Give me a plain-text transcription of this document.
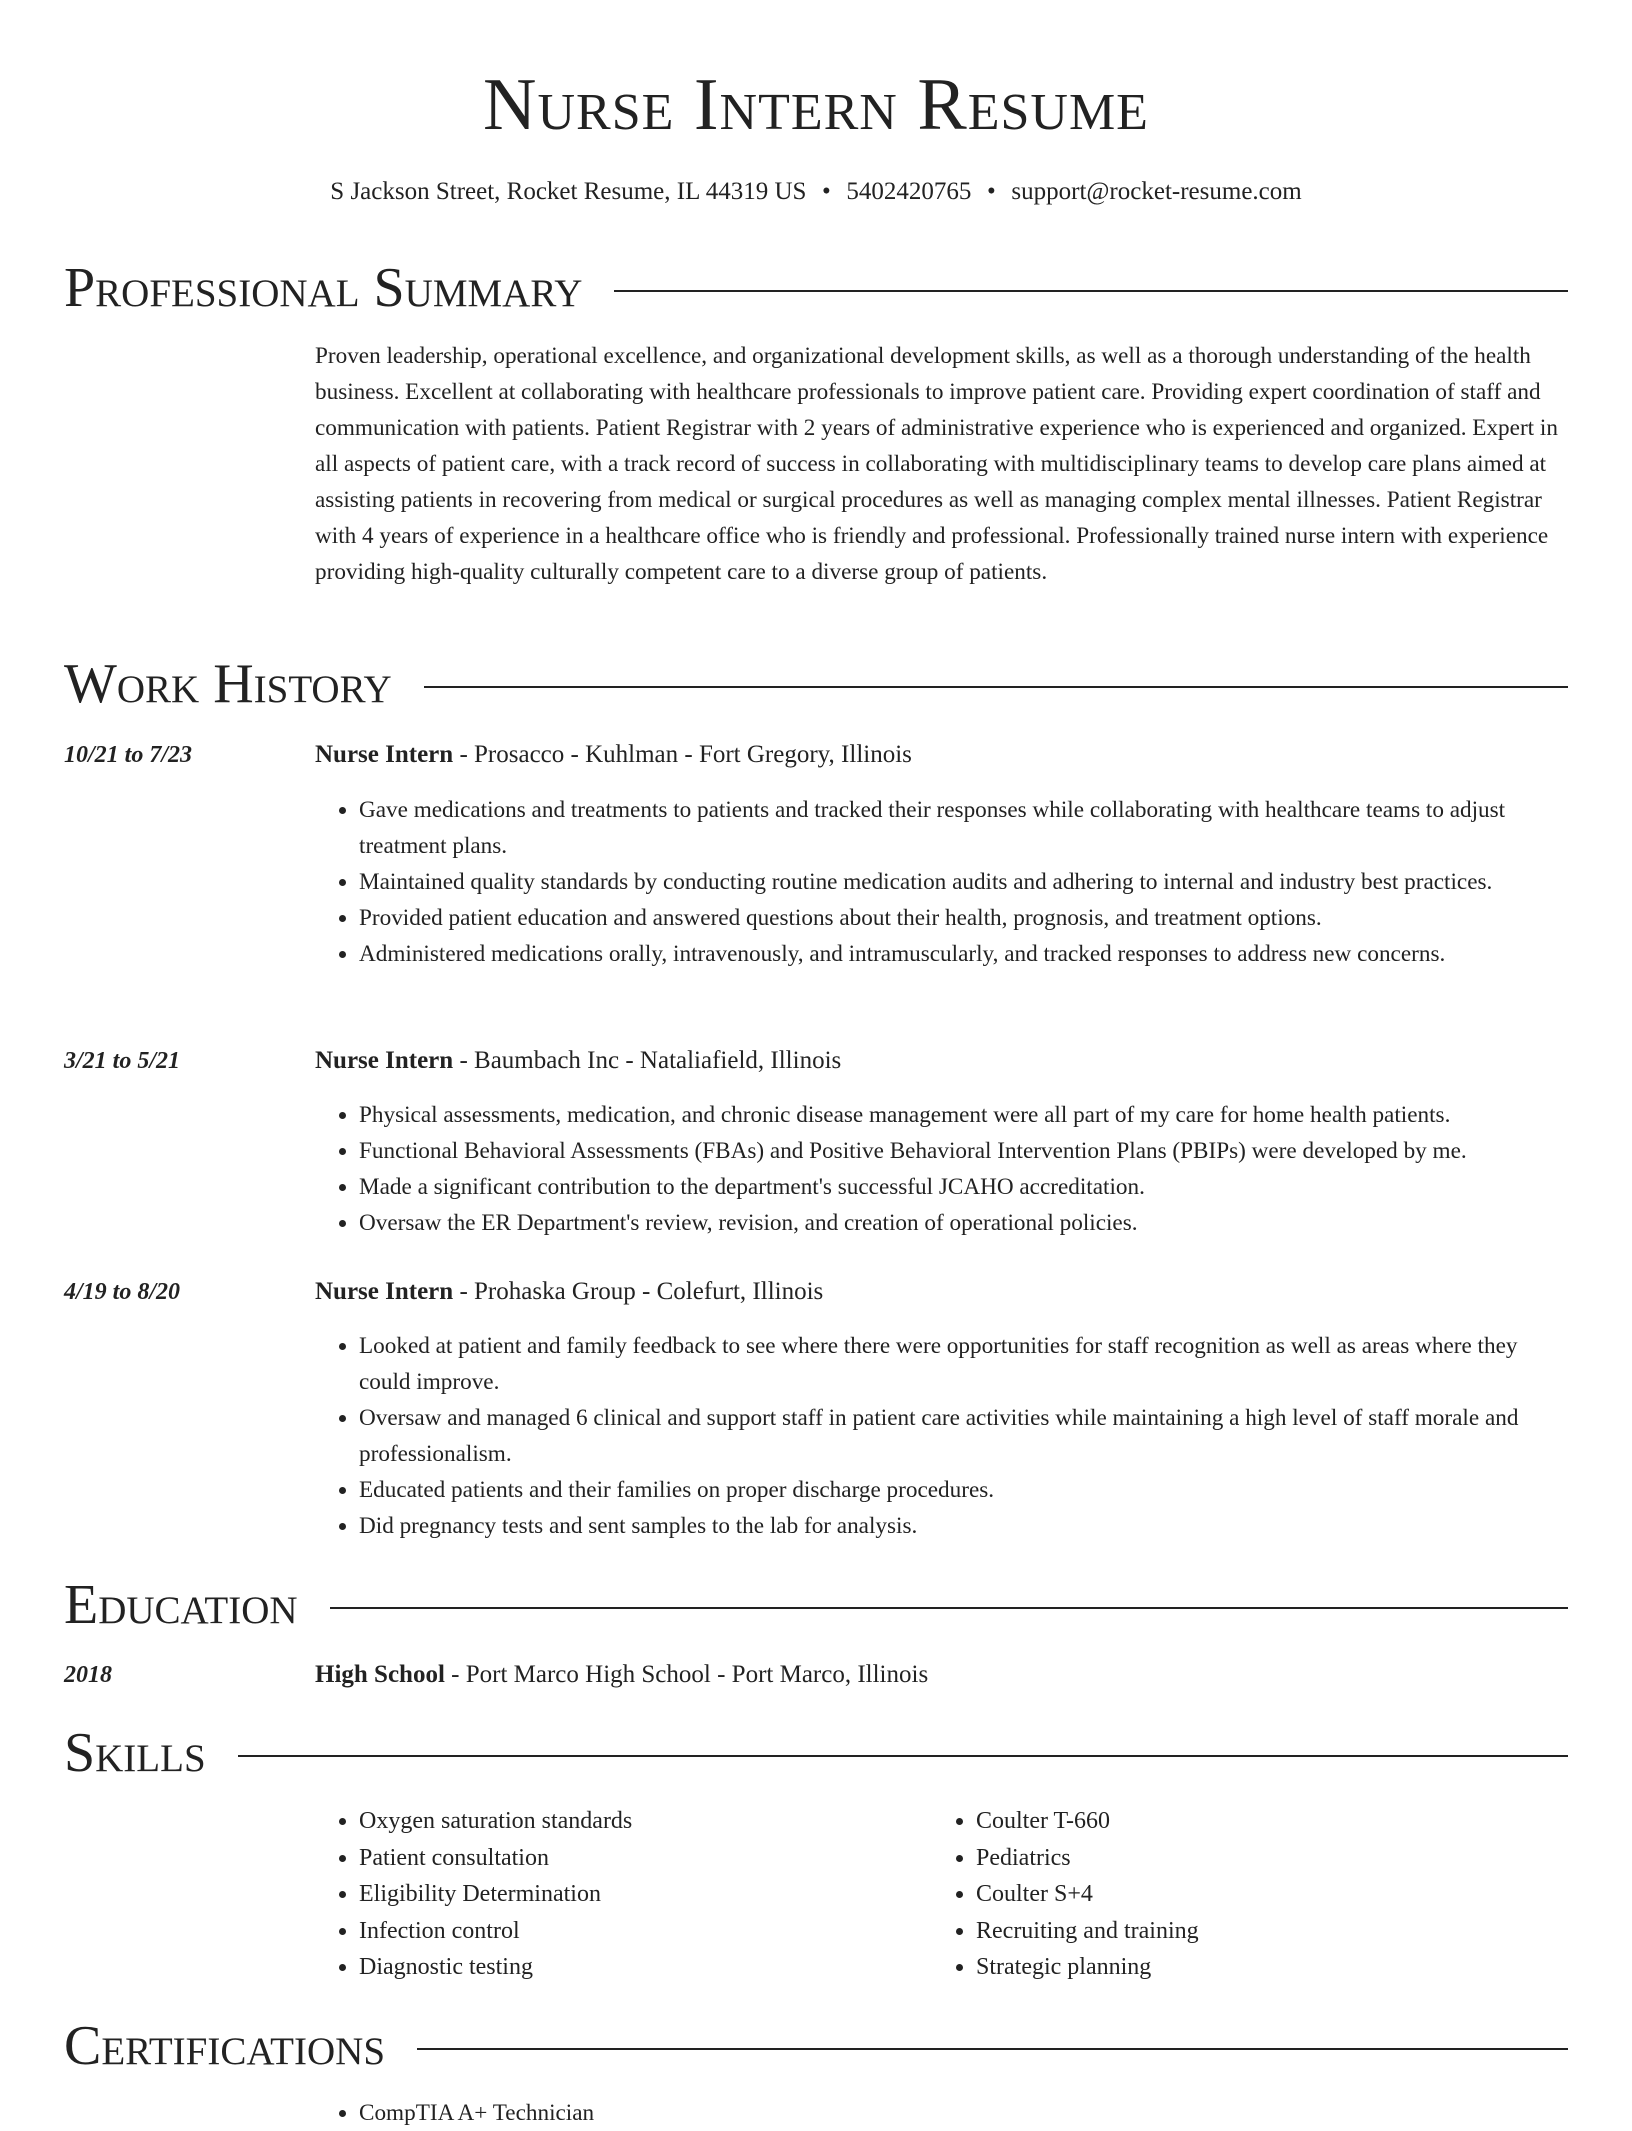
Nurse Intern Resume
S Jackson Street, Rocket Resume, IL 44319 US • 5402420765 • support@rocket-resume.com
Professional Summary
Proven leadership, operational excellence, and organizational development skills, as well as a thorough understanding of the health business. Excellent at collaborating with healthcare professionals to improve patient care. Providing expert coordination of staff and communication with patients. Patient Registrar with 2 years of administrative experience who is experienced and organized. Expert in all aspects of patient care, with a track record of success in collaborating with multidisciplinary teams to develop care plans aimed at assisting patients in recovering from medical or surgical procedures as well as managing complex mental illnesses. Patient Registrar with 4 years of experience in a healthcare office who is friendly and professional. Professionally trained nurse intern with experience providing high-quality culturally competent care to a diverse group of patients.
Work History
10/21 to 7/23	Nurse Intern - Prosacco - Kuhlman - Fort Gregory, Illinois
• Gave medications and treatments to patients and tracked their responses while collaborating with healthcare teams to adjust treatment plans.
• Maintained quality standards by conducting routine medication audits and adhering to internal and industry best practices.
• Provided patient education and answered questions about their health, prognosis, and treatment options.
• Administered medications orally, intravenously, and intramuscularly, and tracked responses to address new concerns.
3/21 to 5/21	Nurse Intern - Baumbach Inc - Nataliafield, Illinois
• Physical assessments, medication, and chronic disease management were all part of my care for home health patients.
• Functional Behavioral Assessments (FBAs) and Positive Behavioral Intervention Plans (PBIPs) were developed by me.
• Made a significant contribution to the department's successful JCAHO accreditation.
• Oversaw the ER Department's review, revision, and creation of operational policies.
4/19 to 8/20	Nurse Intern - Prohaska Group - Colefurt, Illinois
• Looked at patient and family feedback to see where there were opportunities for staff recognition as well as areas where they could improve.
• Oversaw and managed 6 clinical and support staff in patient care activities while maintaining a high level of staff morale and professionalism.
• Educated patients and their families on proper discharge procedures.
• Did pregnancy tests and sent samples to the lab for analysis.
Education
2018	High School - Port Marco High School - Port Marco, Illinois
Skills
• Oxygen saturation standards
• Patient consultation
• Eligibility Determination
• Infection control
• Diagnostic testing
• Coulter T-660
• Pediatrics
• Coulter S+4
• Recruiting and training
• Strategic planning
Certifications
• CompTIA A+ Technician
